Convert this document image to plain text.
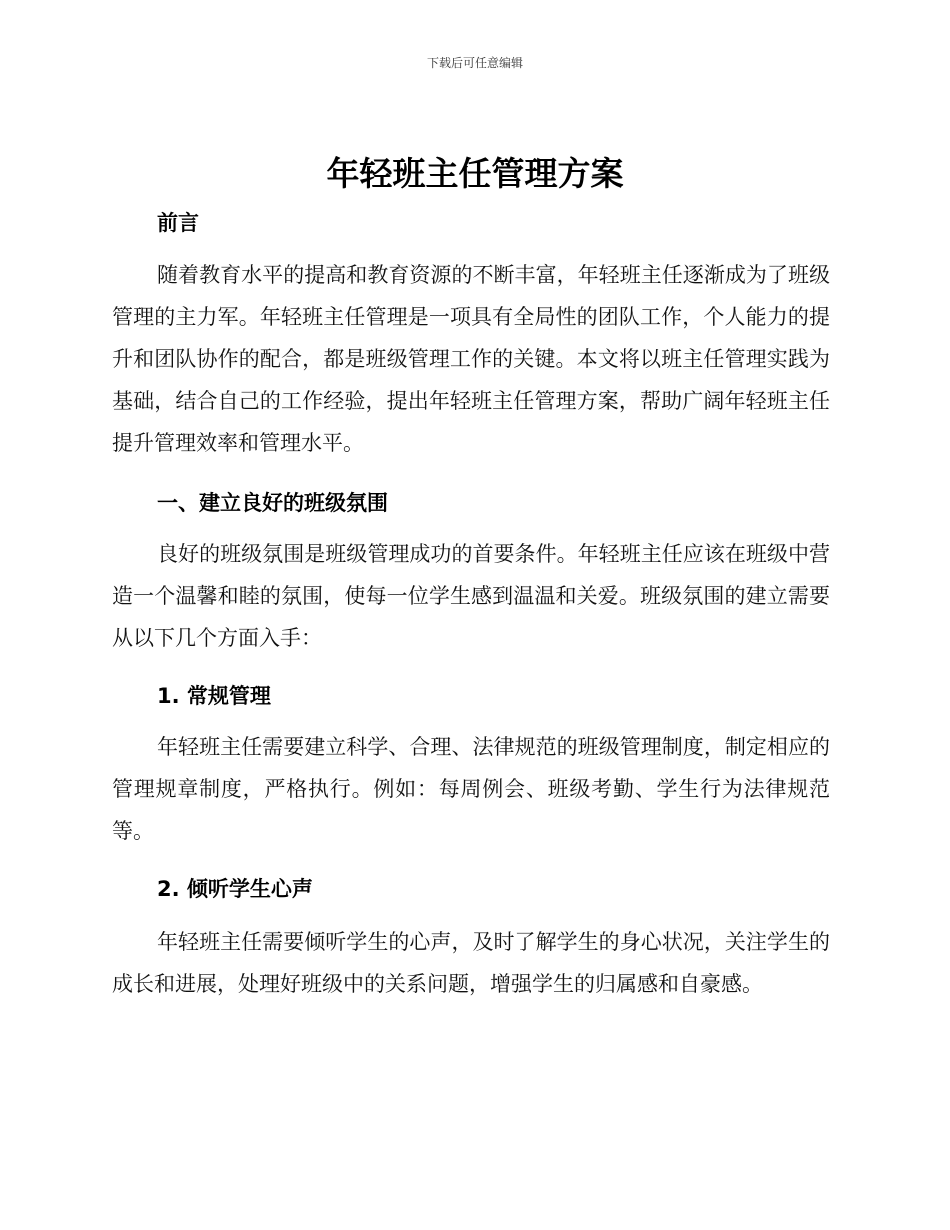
下载后可任意编辑
年轻班主任管理方案
前言

随着教育水平的提高和教育资源的不断丰富，年轻班主任逐渐成为了班级管理的主力军。年轻班主任管理是一项具有全局性的团队工作，个人能力的提升和团队协作的配合，都是班级管理工作的关键。本文将以班主任管理实践为基础，结合自己的工作经验，提出年轻班主任管理方案，帮助广阔年轻班主任提升管理效率和管理水平。

一、建立良好的班级氛围

良好的班级氛围是班级管理成功的首要条件。年轻班主任应该在班级中营造一个温馨和睦的氛围，使每一位学生感到温温和关爱。班级氛围的建立需要从以下几个方面入手：

1. 常规管理

年轻班主任需要建立科学、合理、法律规范的班级管理制度，制定相应的管理规章制度，严格执行。例如：每周例会、班级考勤、学生行为法律规范等。

2. 倾听学生心声

年轻班主任需要倾听学生的心声，及时了解学生的身心状况，关注学生的成长和进展，处理好班级中的关系问题，增强学生的归属感和自豪感。
